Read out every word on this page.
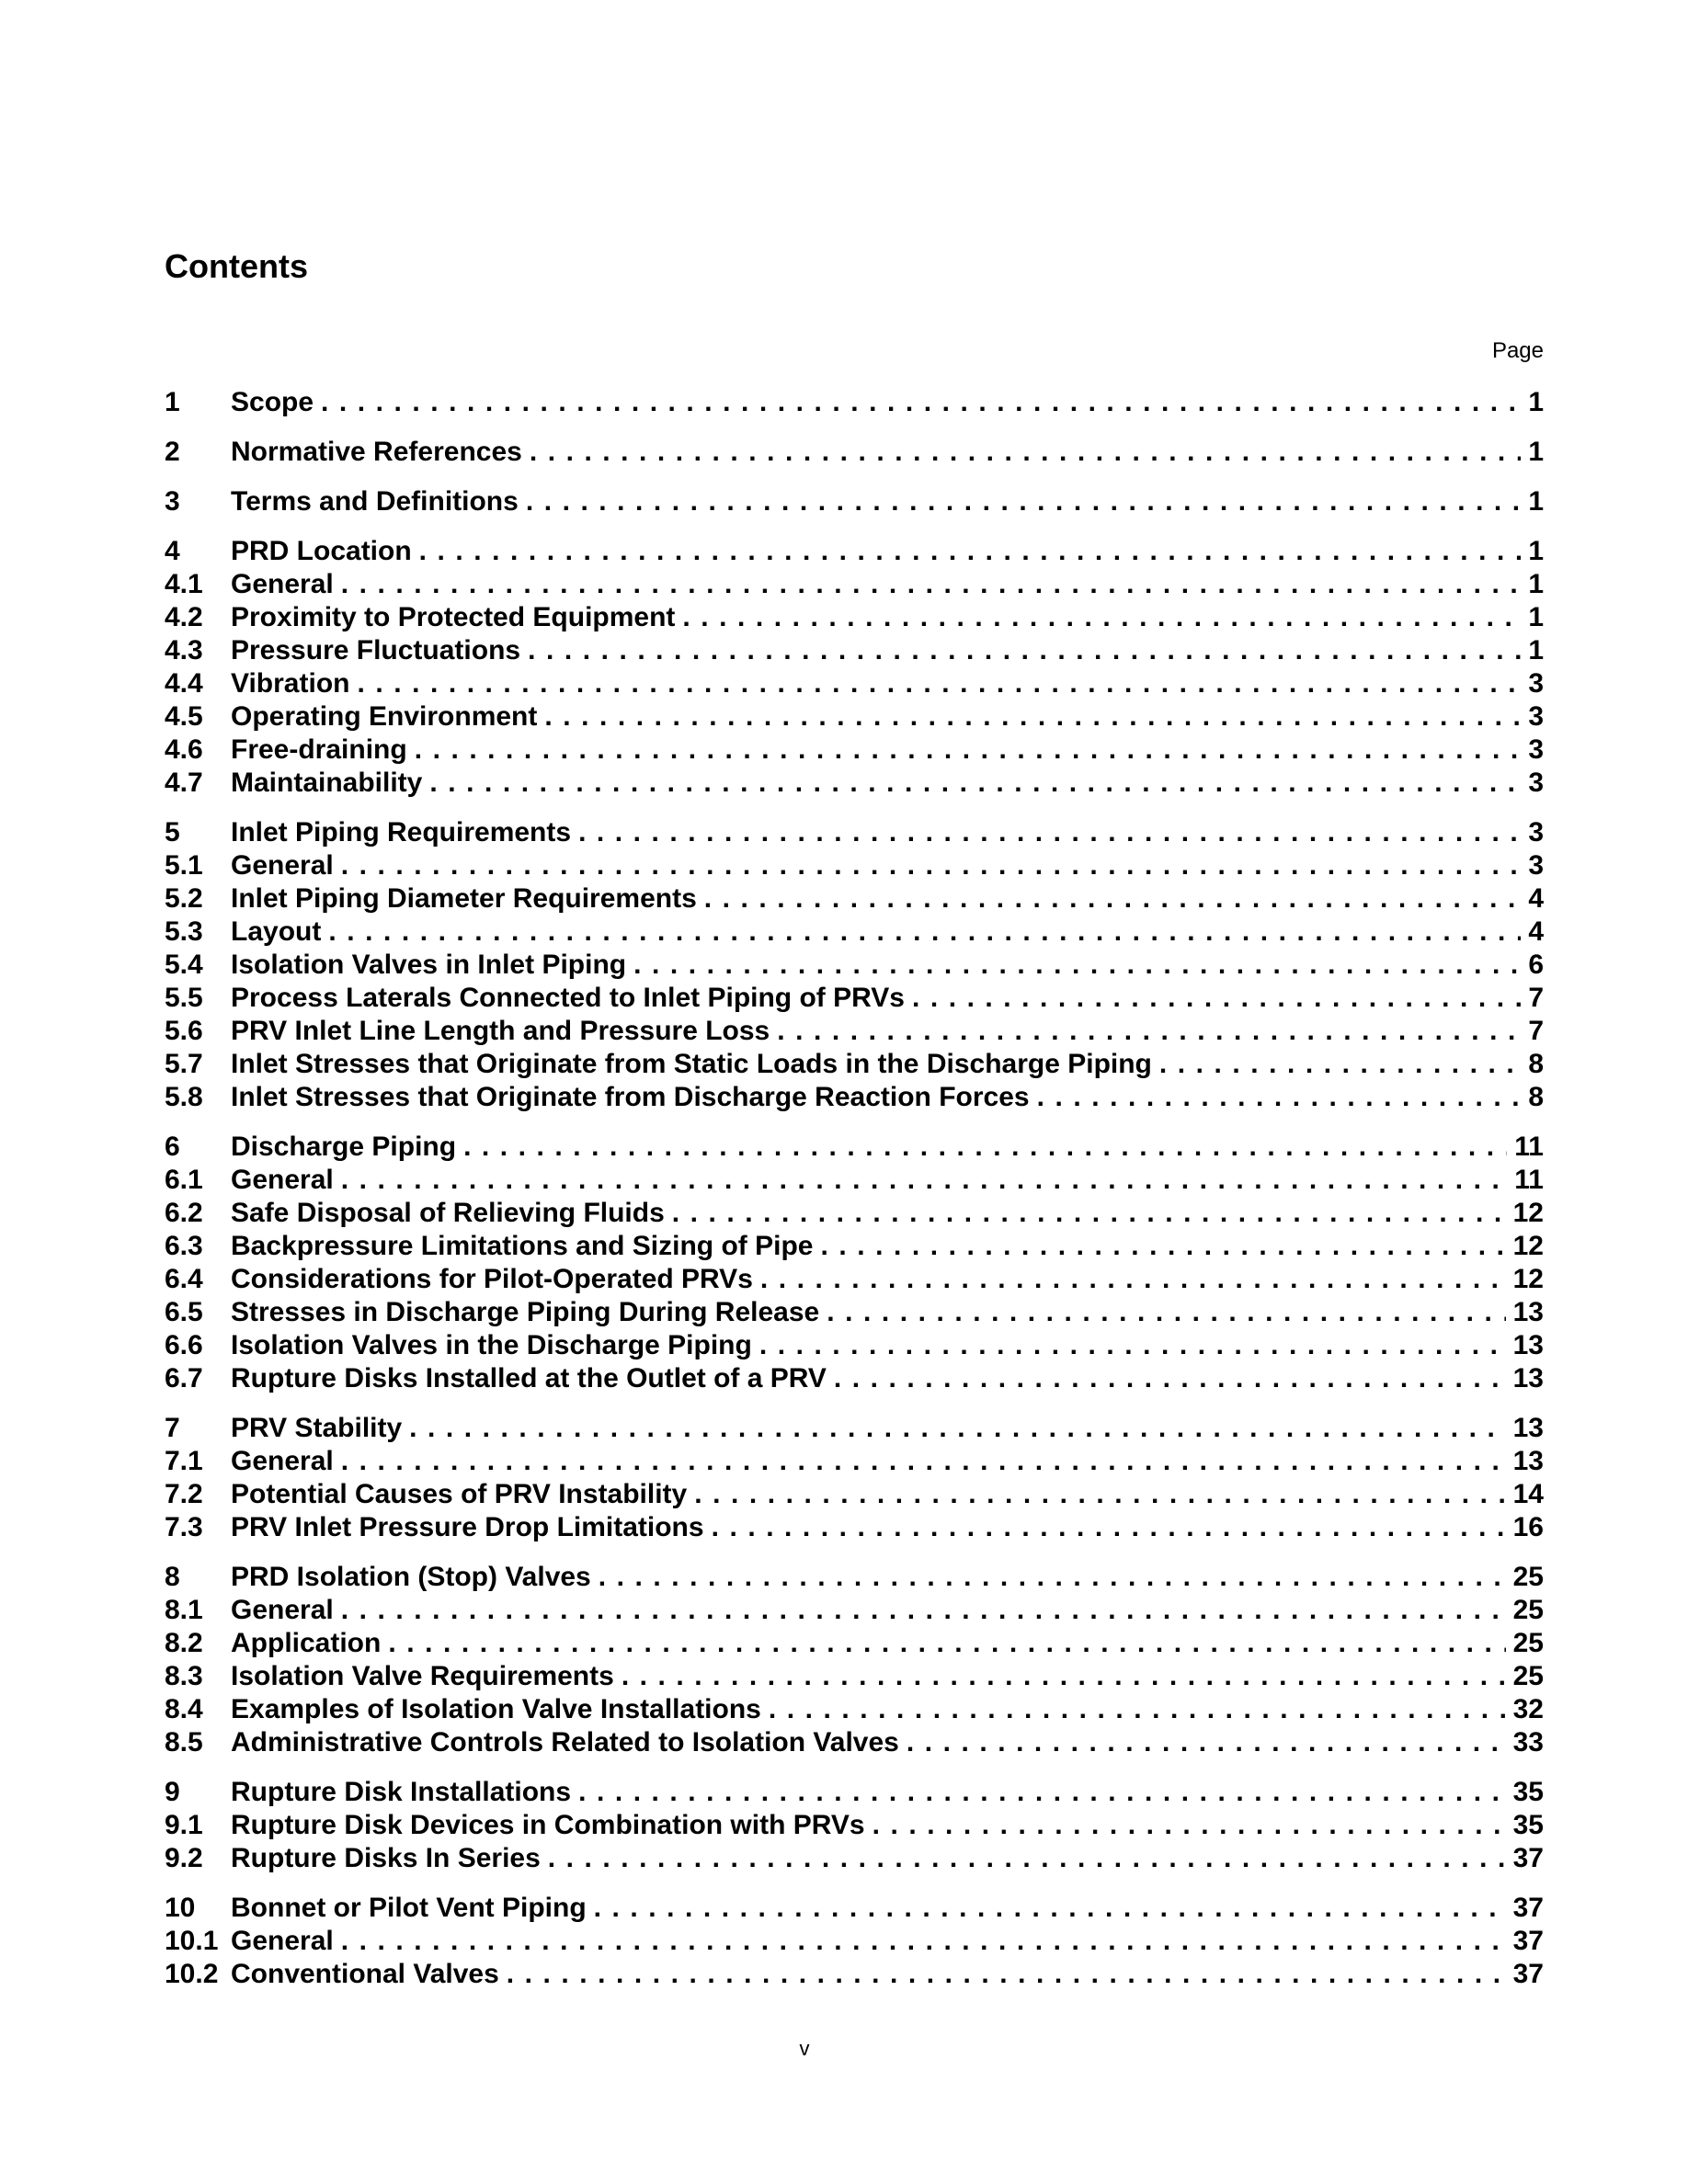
Contents
Page
1	Scope . . .	1
2	Normative References . . .	1
3	Terms and Definitions . . .	1
4	PRD Location . . .	1
4.1	General . . .	1
4.2	Proximity to Protected Equipment . . .	1
4.3	Pressure Fluctuations . . .	1
4.4	Vibration . . .	3
4.5	Operating Environment . . .	3
4.6	Free-draining . . .	3
4.7	Maintainability . . .	3
5	Inlet Piping Requirements . . .	3
5.1	General . . .	3
5.2	Inlet Piping Diameter Requirements . . .	4
5.3	Layout . . .	4
5.4	Isolation Valves in Inlet Piping . . .	6
5.5	Process Laterals Connected to Inlet Piping of PRVs . . .	7
5.6	PRV Inlet Line Length and Pressure Loss . . .	7
5.7	Inlet Stresses that Originate from Static Loads in the Discharge Piping . . .	8
5.8	Inlet Stresses that Originate from Discharge Reaction Forces . . .	8
6	Discharge Piping . . .	11
6.1	General . . .	11
6.2	Safe Disposal of Relieving Fluids . . .	12
6.3	Backpressure Limitations and Sizing of Pipe . . .	12
6.4	Considerations for Pilot-Operated PRVs . . .	12
6.5	Stresses in Discharge Piping During Release . . .	13
6.6	Isolation Valves in the Discharge Piping . . .	13
6.7	Rupture Disks Installed at the Outlet of a PRV . . .	13
7	PRV Stability . . .	13
7.1	General . . .	13
7.2	Potential Causes of PRV Instability . . .	14
7.3	PRV Inlet Pressure Drop Limitations . . .	16
8	PRD Isolation (Stop) Valves . . .	25
8.1	General . . .	25
8.2	Application . . .	25
8.3	Isolation Valve Requirements . . .	25
8.4	Examples of Isolation Valve Installations . . .	32
8.5	Administrative Controls Related to Isolation Valves . . .	33
9	Rupture Disk Installations . . .	35
9.1	Rupture Disk Devices in Combination with PRVs . . .	35
9.2	Rupture Disks In Series . . .	37
10	Bonnet or Pilot Vent Piping . . .	37
10.1 General . . .	37
10.2 Conventional Valves . . .	37
v
